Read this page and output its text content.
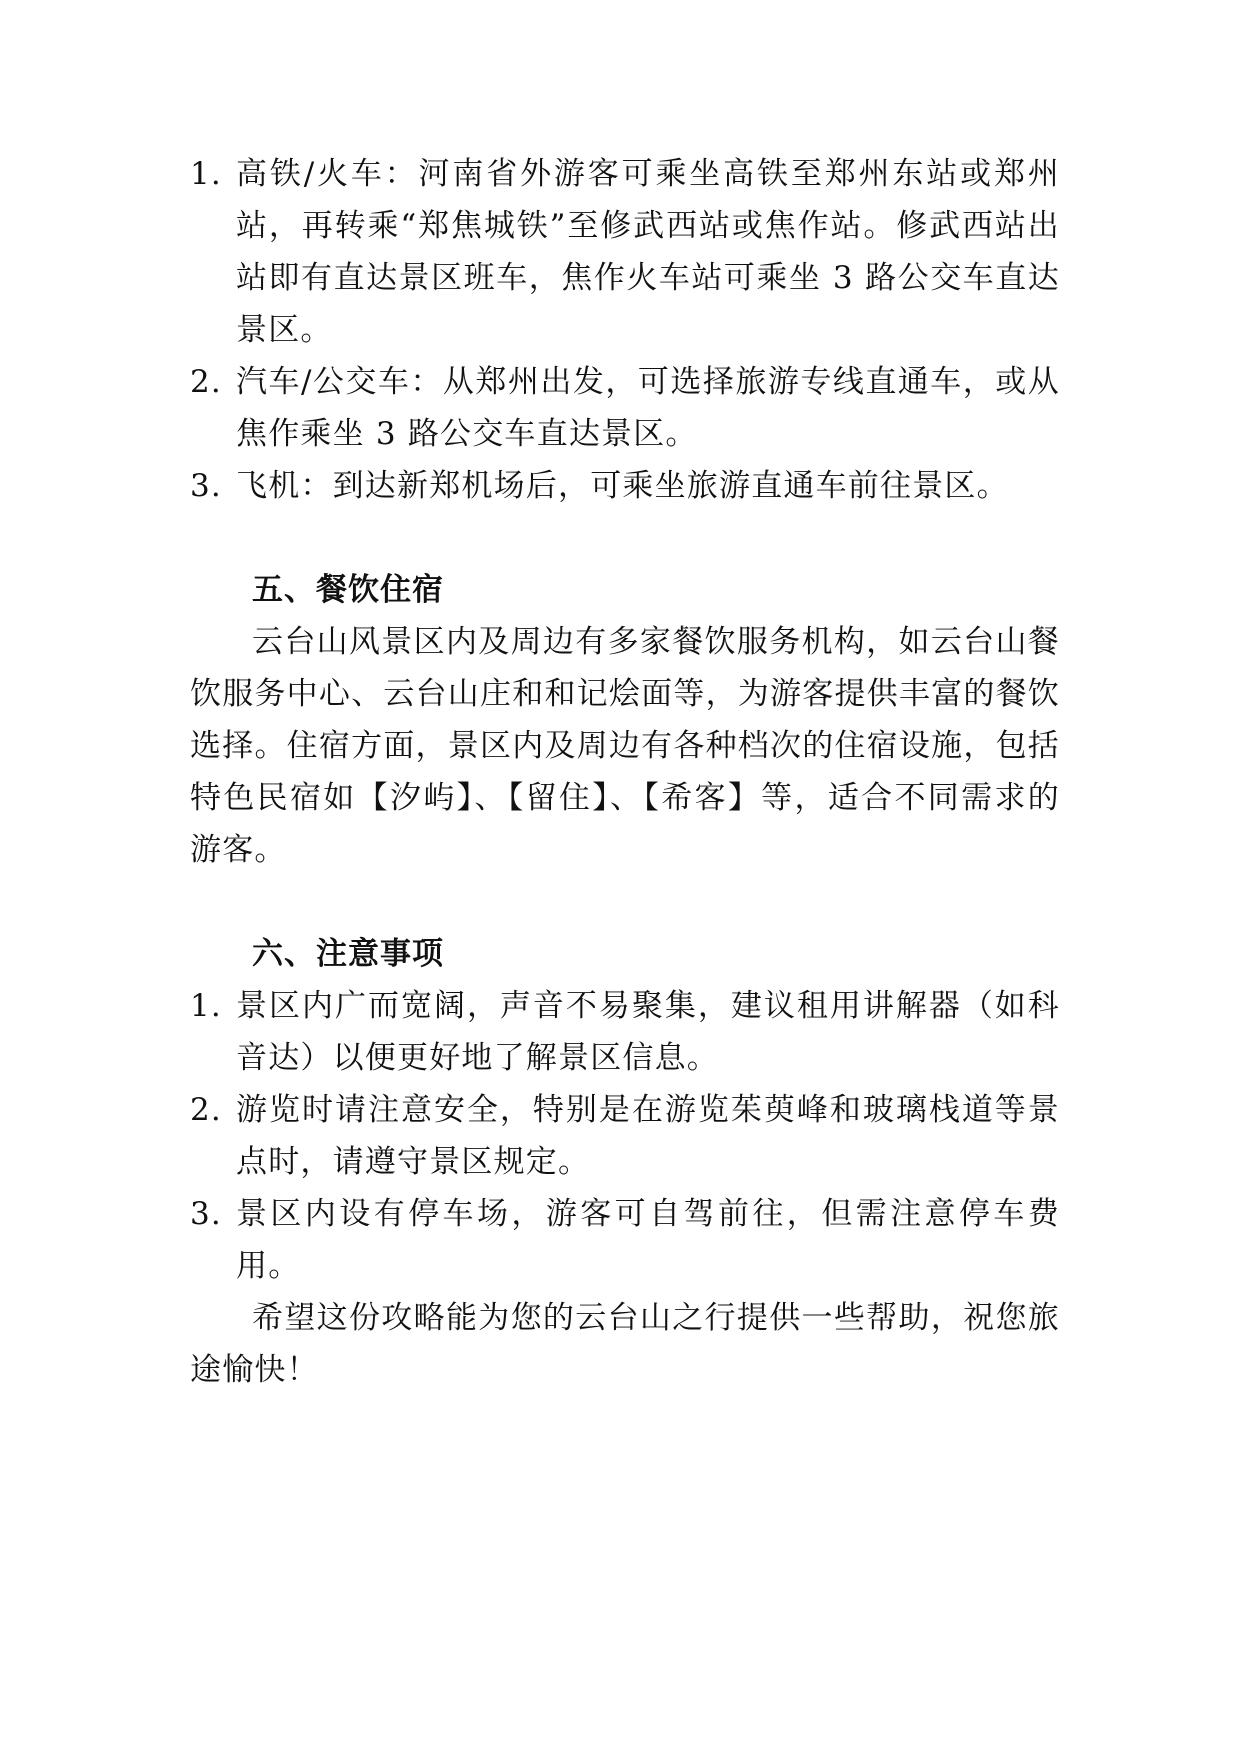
1. 高铁/火车：河南省外游客可乘坐高铁至郑州东站或郑州站，再转乘“郑焦城铁”至修武西站或焦作站。修武西站出站即有直达景区班车，焦作火车站可乘坐 3 路公交车直达景区。
2. 汽车/公交车：从郑州出发，可选择旅游专线直通车，或从焦作乘坐 3 路公交车直达景区。
3. 飞机：到达新郑机场后，可乘坐旅游直通车前往景区。
五、餐饮住宿

云台山风景区内及周边有多家餐饮服务机构，如云台山餐饮服务中心、云台山庄和和记烩面等，为游客提供丰富的餐饮选择。住宿方面，景区内及周边有各种档次的住宿设施，包括特色民宿如【汐屿】、【留住】、【希客】等，适合不同需求的游客。

六、注意事项
1. 景区内广而宽阔，声音不易聚集，建议租用讲解器（如科音达）以便更好地了解景区信息。
2. 游览时请注意安全，特别是在游览茱萸峰和玻璃栈道等景点时，请遵守景区规定。
3. 景区内设有停车场，游客可自驾前往，但需注意停车费用。

希望这份攻略能为您的云台山之行提供一些帮助，祝您旅途愉快！
